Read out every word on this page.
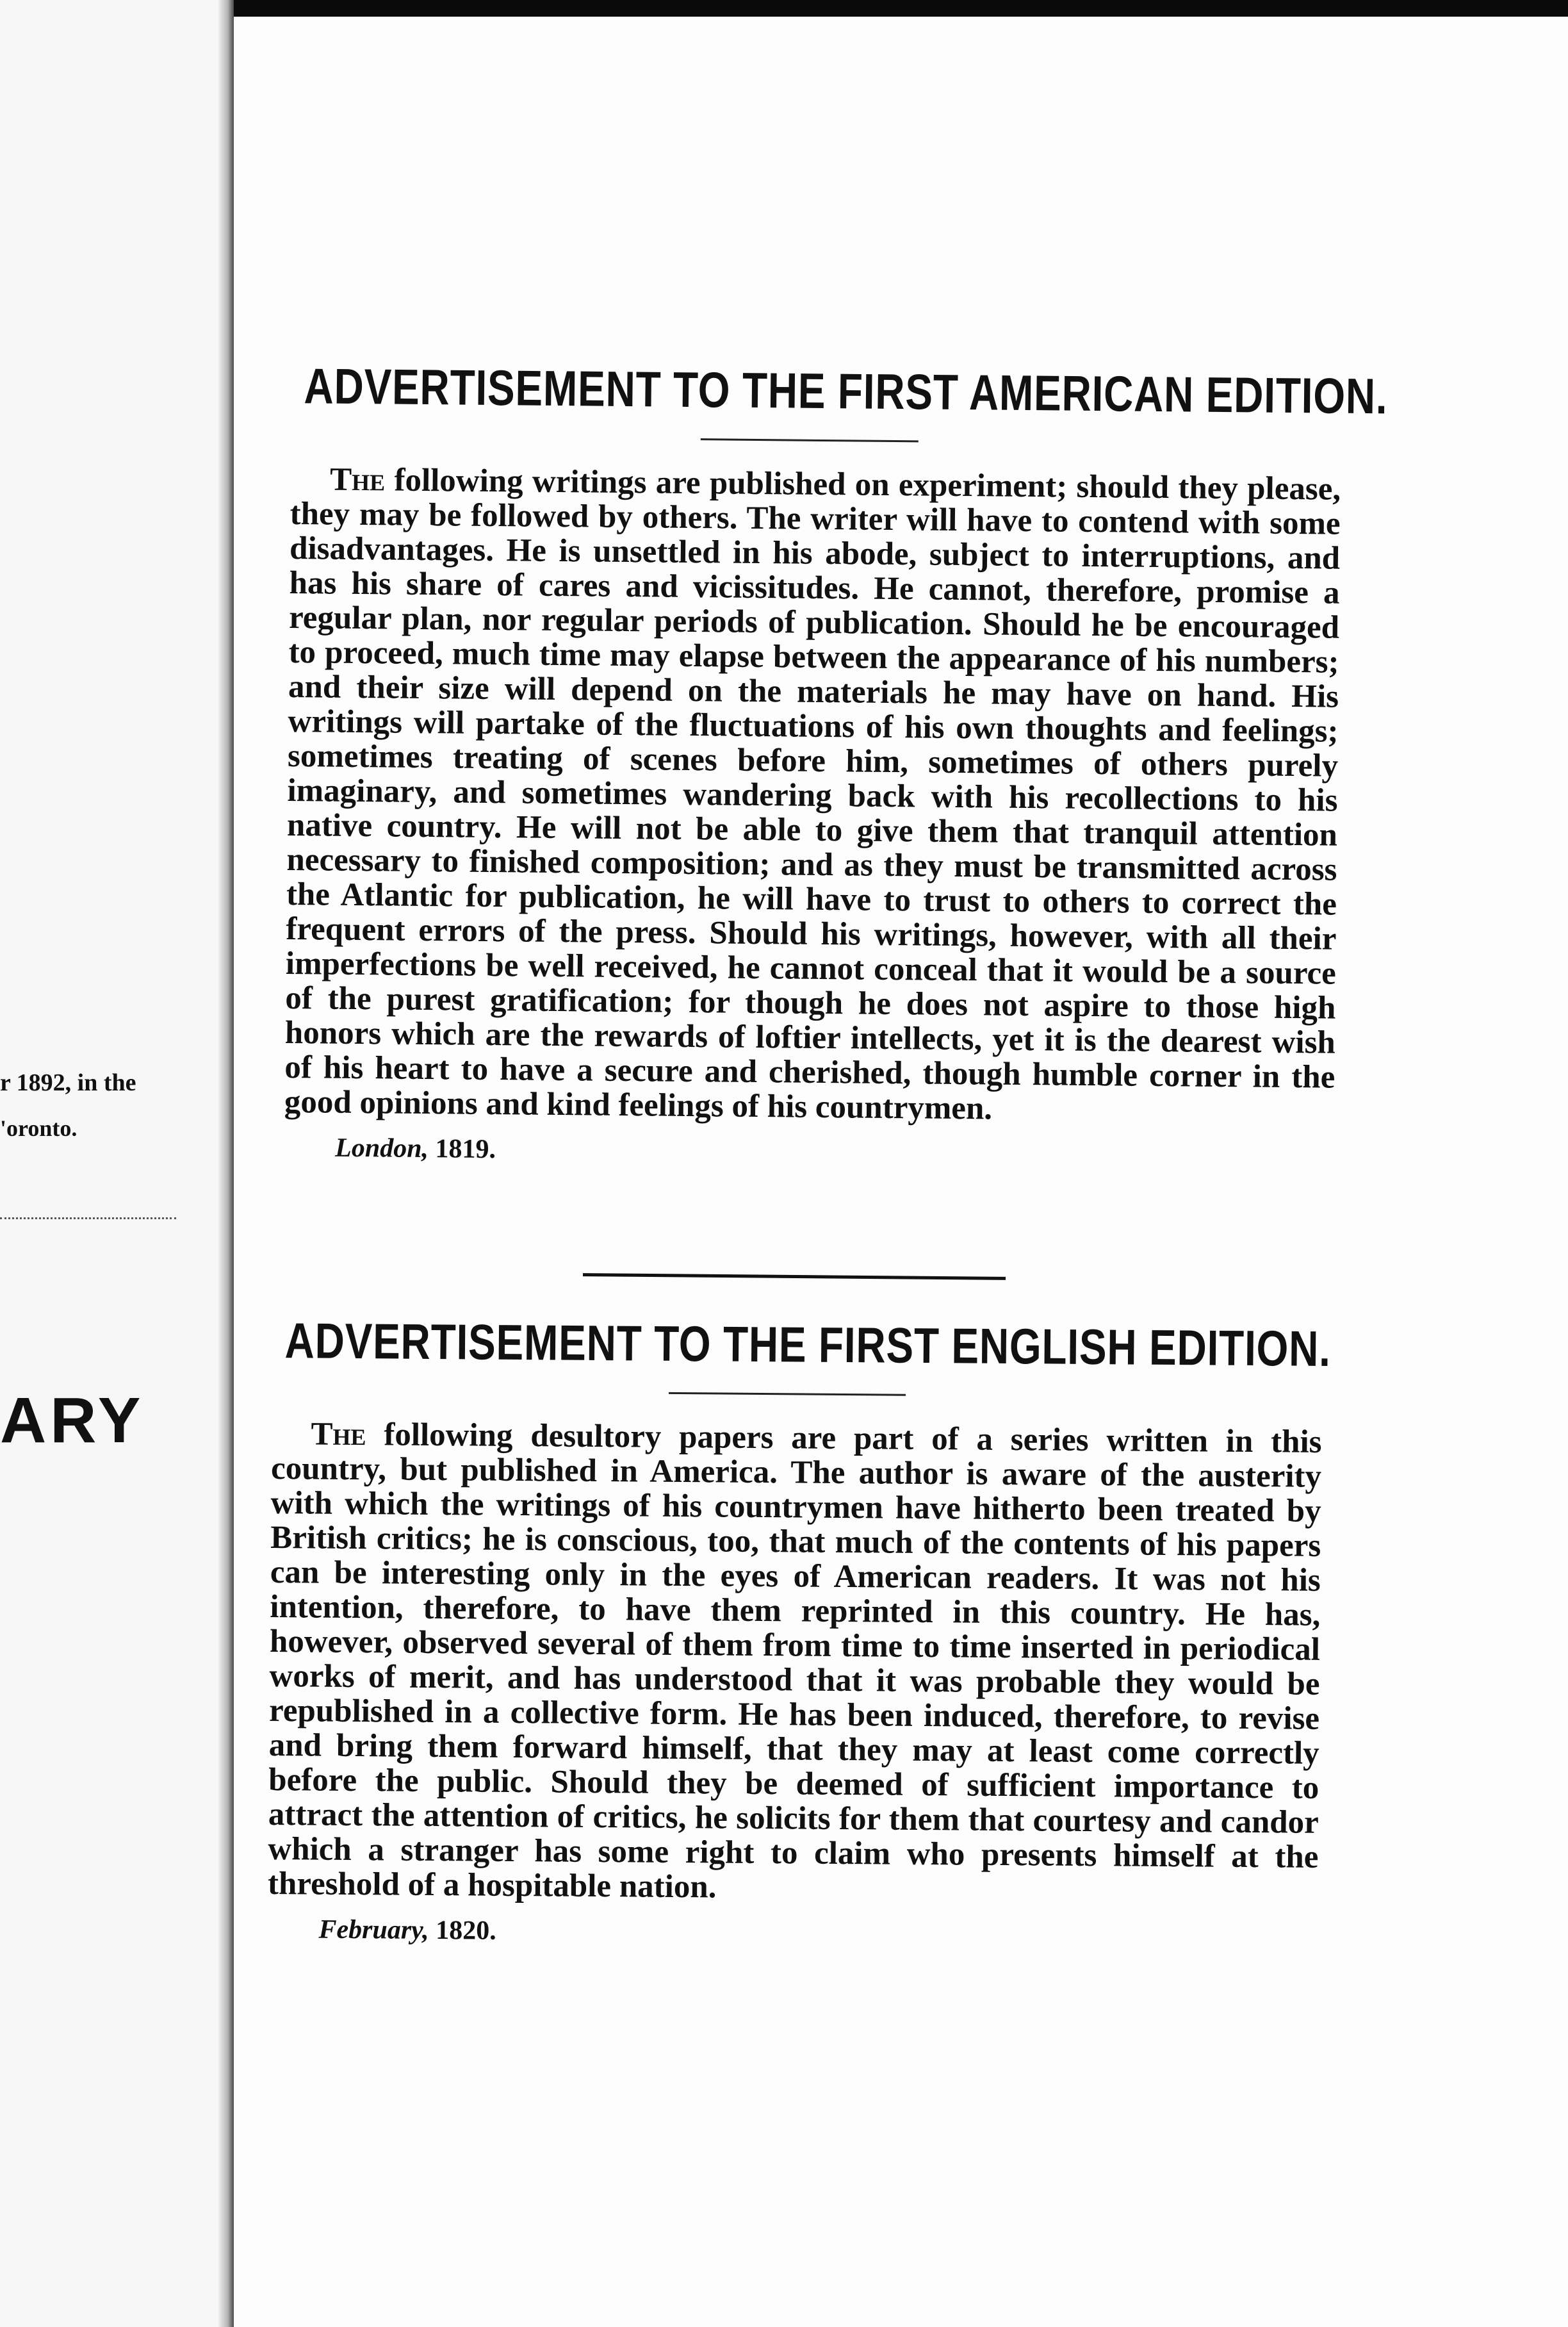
r 1892, in the
'oronto.
ARY
ADVERTISEMENT TO THE FIRST AMERICAN EDITION.

The following writings are published on experiment; should they please, they may be followed by others. The writer will have to contend with some disadvantages. He is unsettled in his abode, subject to interruptions, and has his share of cares and vicissitudes. He cannot, therefore, promise a regular plan, nor regular periods of publication. Should he be encouraged to proceed, much time may elapse between the appearance of his numbers; and their size will depend on the materials he may have on hand. His writings will partake of the fluctuations of his own thoughts and feelings; sometimes treating of scenes before him, sometimes of others purely imaginary, and sometimes wandering back with his recollections to his native country. He will not be able to give them that tranquil attention necessary to finished composition; and as they must be transmitted across the Atlantic for publication, he will have to trust to others to correct the frequent errors of the press. Should his writings, however, with all their imperfections be well received, he cannot conceal that it would be a source of the purest gratification; for though he does not aspire to those high honors which are the rewards of loftier intellects, yet it is the dearest wish of his heart to have a secure and cherished, though humble corner in the good opinions and kind feelings of his countrymen.

London, 1819.
ADVERTISEMENT TO THE FIRST ENGLISH EDITION.

The following desultory papers are part of a series written in this country, but published in America. The author is aware of the austerity with which the writings of his countrymen have hitherto been treated by British critics; he is conscious, too, that much of the contents of his papers can be interesting only in the eyes of American readers. It was not his intention, therefore, to have them reprinted in this country. He has, however, observed several of them from time to time inserted in periodical works of merit, and has understood that it was probable they would be republished in a collective form. He has been induced, therefore, to revise and bring them forward himself, that they may at least come correctly before the public. Should they be deemed of sufficient importance to attract the attention of critics, he solicits for them that courtesy and candor which a stranger has some right to claim who presents himself at the threshold of a hospitable nation.

February, 1820.
